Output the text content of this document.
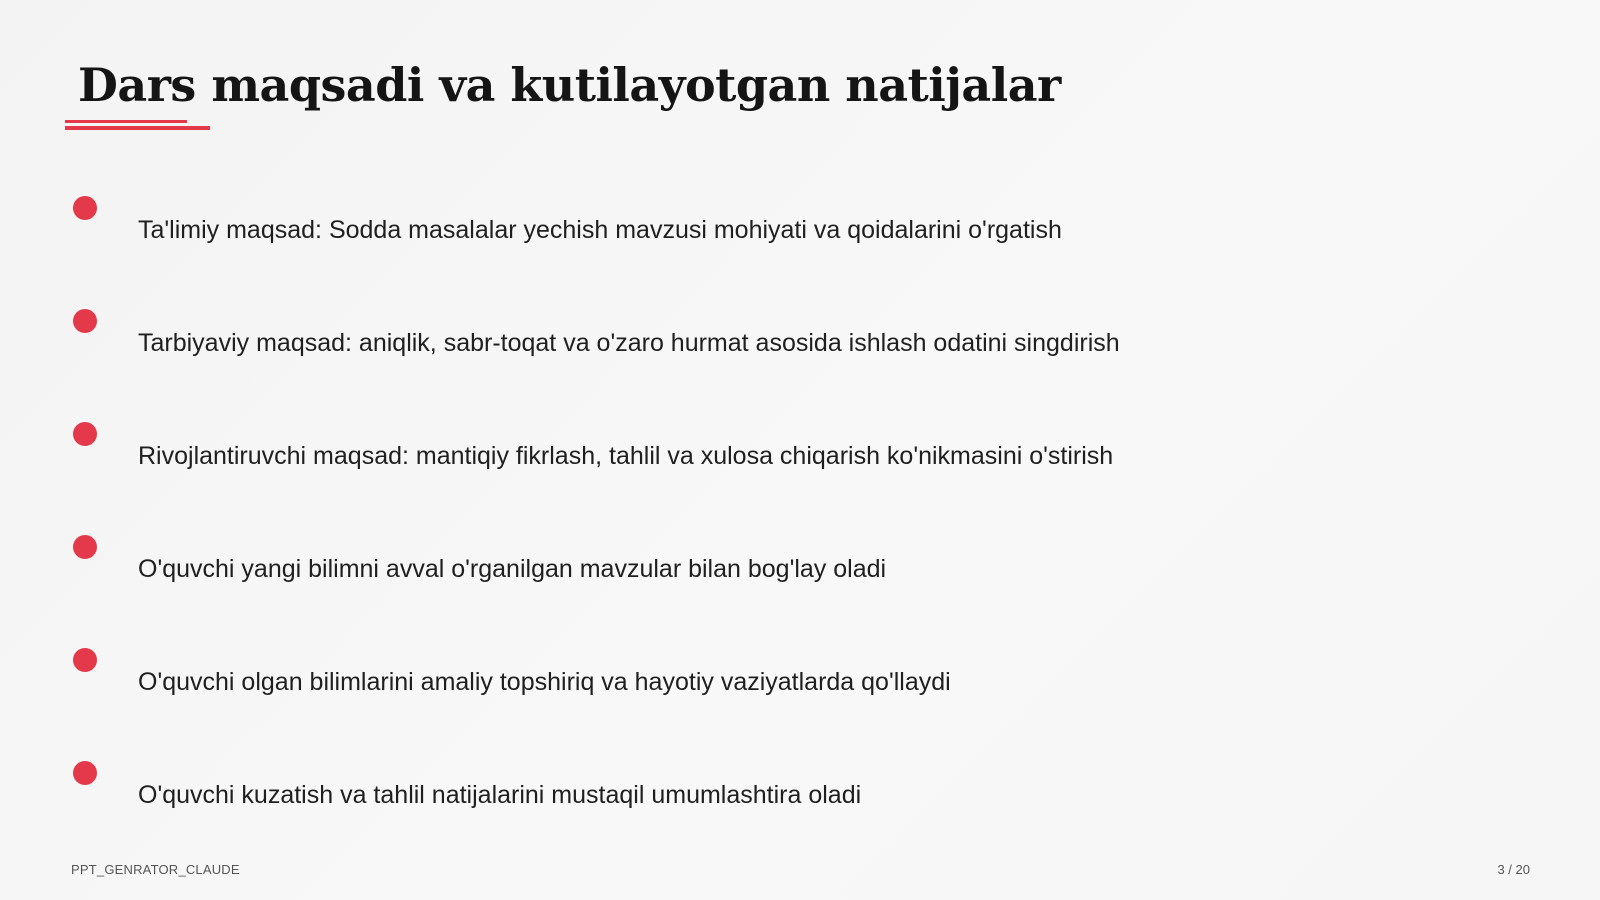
Dars maqsadi va kutilayotgan natijalar
Ta'limiy maqsad: Sodda masalalar yechish mavzusi mohiyati va qoidalarini o'rgatish
Tarbiyaviy maqsad: aniqlik, sabr-toqat va o'zaro hurmat asosida ishlash odatini singdirish
Rivojlantiruvchi maqsad: mantiqiy fikrlash, tahlil va xulosa chiqarish ko'nikmasini o'stirish
O'quvchi yangi bilimni avval o'rganilgan mavzular bilan bog'lay oladi
O'quvchi olgan bilimlarini amaliy topshiriq va hayotiy vaziyatlarda qo'llaydi
O'quvchi kuzatish va tahlil natijalarini mustaqil umumlashtira oladi
PPT_GENRATOR_CLAUDE	3 / 20
